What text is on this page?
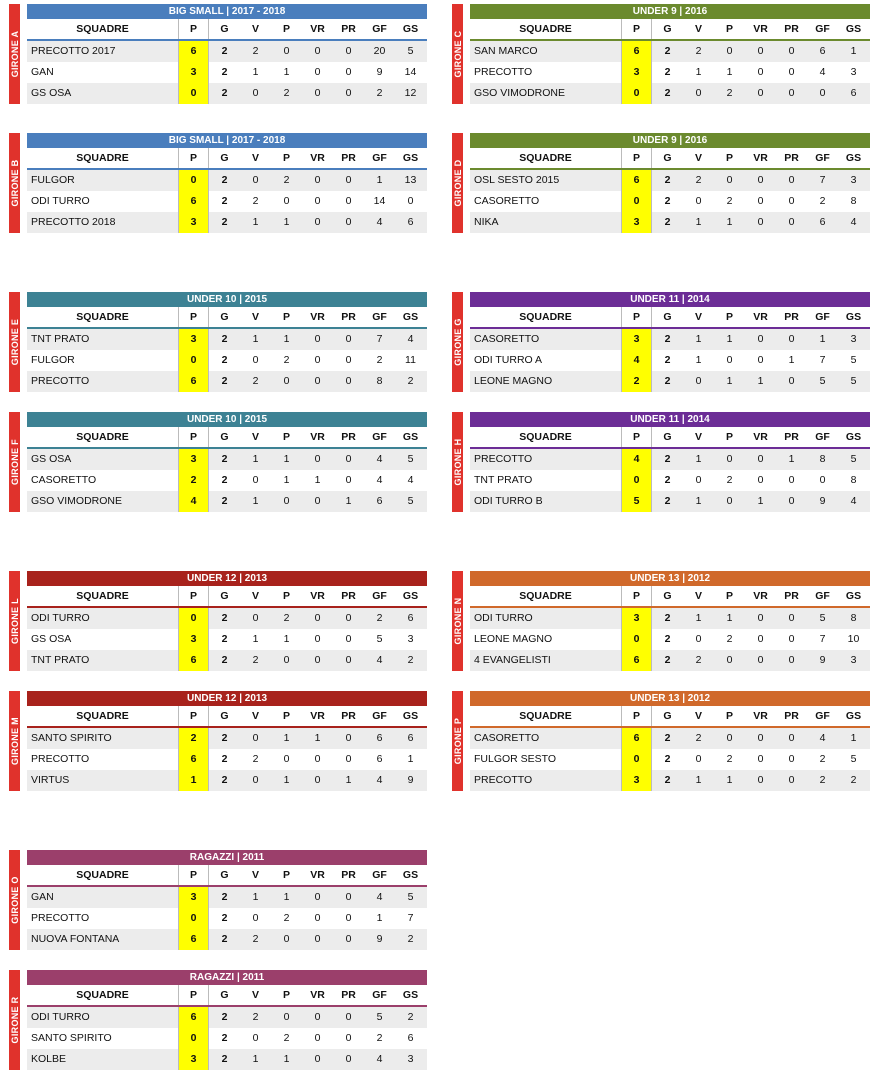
GIRONE A
BIG SMALL | 2017 - 2018
SQUADRE	P	G	V	P	VR	PR	GF	GS
PRECOTTO 2017	6	2	2	0	0	0	20	5
GAN	3	2	1	1	0	0	9	14
GS OSA	0	2	0	2	0	0	2	12
GIRONE C
UNDER 9 | 2016
SQUADRE	P	G	V	P	VR	PR	GF	GS
SAN MARCO	6	2	2	0	0	0	6	1
PRECOTTO	3	2	1	1	0	0	4	3
GSO VIMODRONE	0	2	0	2	0	0	0	6
GIRONE B
BIG SMALL | 2017 - 2018
SQUADRE	P	G	V	P	VR	PR	GF	GS
FULGOR	0	2	0	2	0	0	1	13
ODI TURRO	6	2	2	0	0	0	14	0
PRECOTTO 2018	3	2	1	1	0	0	4	6
GIRONE D
UNDER 9 | 2016
SQUADRE	P	G	V	P	VR	PR	GF	GS
OSL SESTO 2015	6	2	2	0	0	0	7	3
CASORETTO	0	2	0	2	0	0	2	8
NIKA	3	2	1	1	0	0	6	4
GIRONE E
UNDER 10 | 2015
SQUADRE	P	G	V	P	VR	PR	GF	GS
TNT PRATO	3	2	1	1	0	0	7	4
FULGOR	0	2	0	2	0	0	2	11
PRECOTTO	6	2	2	0	0	0	8	2
GIRONE G
UNDER 11 | 2014
SQUADRE	P	G	V	P	VR	PR	GF	GS
CASORETTO	3	2	1	1	0	0	1	3
ODI TURRO A	4	2	1	0	0	1	7	5
LEONE MAGNO	2	2	0	1	1	0	5	5
GIRONE F
UNDER 10 | 2015
SQUADRE	P	G	V	P	VR	PR	GF	GS
GS OSA	3	2	1	1	0	0	4	5
CASORETTO	2	2	0	1	1	0	4	4
GSO VIMODRONE	4	2	1	0	0	1	6	5
GIRONE H
UNDER 11 | 2014
SQUADRE	P	G	V	P	VR	PR	GF	GS
PRECOTTO	4	2	1	0	0	1	8	5
TNT PRATO	0	2	0	2	0	0	0	8
ODI TURRO B	5	2	1	0	1	0	9	4
GIRONE L
UNDER 12 | 2013
SQUADRE	P	G	V	P	VR	PR	GF	GS
ODI TURRO	0	2	0	2	0	0	2	6
GS OSA	3	2	1	1	0	0	5	3
TNT PRATO	6	2	2	0	0	0	4	2
GIRONE N
UNDER 13 | 2012
SQUADRE	P	G	V	P	VR	PR	GF	GS
ODI TURRO	3	2	1	1	0	0	5	8
LEONE MAGNO	0	2	0	2	0	0	7	10
4 EVANGELISTI	6	2	2	0	0	0	9	3
GIRONE M
UNDER 12 | 2013
SQUADRE	P	G	V	P	VR	PR	GF	GS
SANTO SPIRITO	2	2	0	1	1	0	6	6
PRECOTTO	6	2	2	0	0	0	6	1
VIRTUS	1	2	0	1	0	1	4	9
GIRONE P
UNDER 13 | 2012
SQUADRE	P	G	V	P	VR	PR	GF	GS
CASORETTO	6	2	2	0	0	0	4	1
FULGOR SESTO	0	2	0	2	0	0	2	5
PRECOTTO	3	2	1	1	0	0	2	2
GIRONE O
RAGAZZI | 2011
SQUADRE	P	G	V	P	VR	PR	GF	GS
GAN	3	2	1	1	0	0	4	5
PRECOTTO	0	2	0	2	0	0	1	7
NUOVA FONTANA	6	2	2	0	0	0	9	2
GIRONE R
RAGAZZI | 2011
SQUADRE	P	G	V	P	VR	PR	GF	GS
ODI TURRO	6	2	2	0	0	0	5	2
SANTO SPIRITO	0	2	0	2	0	0	2	6
KOLBE	3	2	1	1	0	0	4	3
